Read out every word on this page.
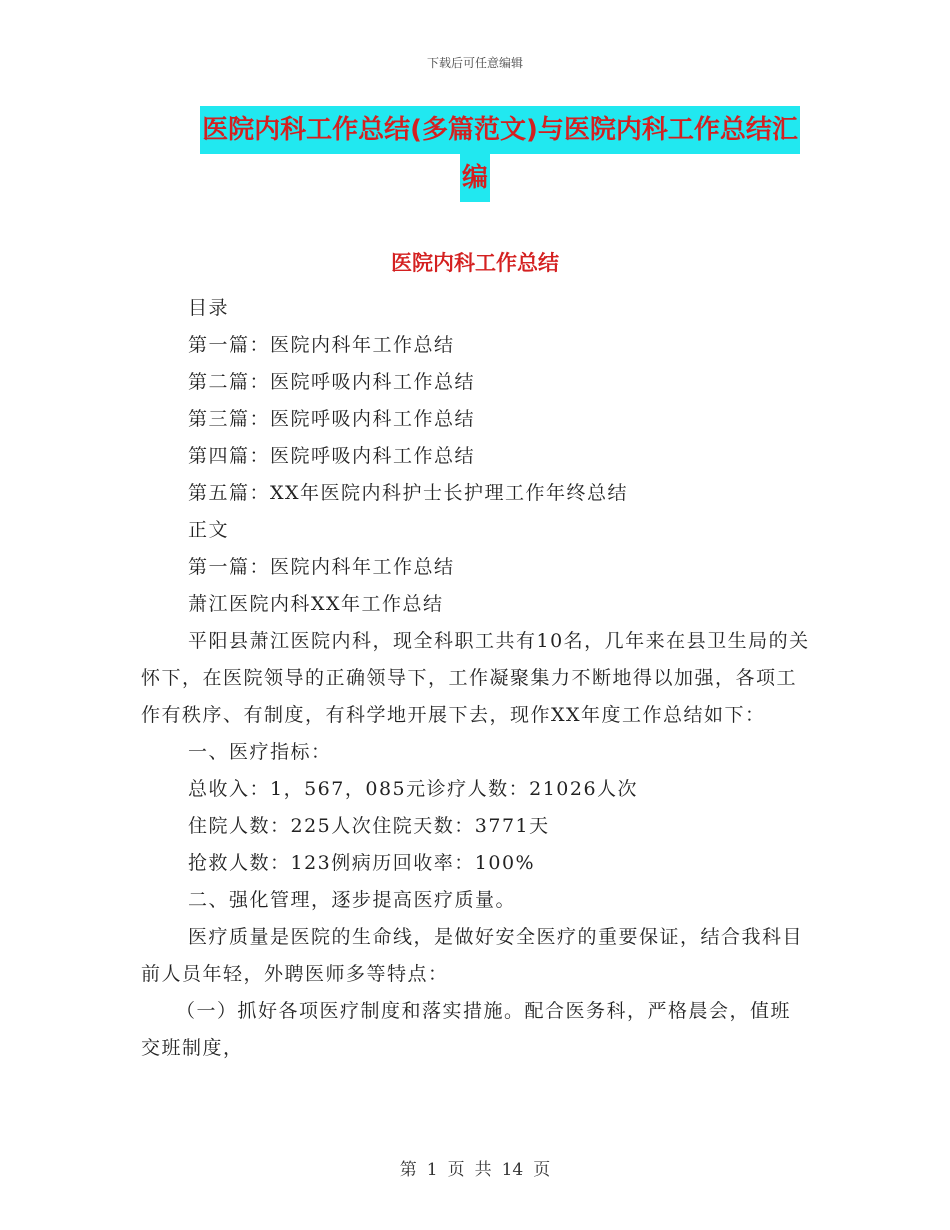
下载后可任意编辑
医院内科工作总结(多篇范文)与医院内科工作总结汇
编
医院内科工作总结

目录

第一篇：医院内科年工作总结

第二篇：医院呼吸内科工作总结

第三篇：医院呼吸内科工作总结

第四篇：医院呼吸内科工作总结

第五篇：XX年医院内科护士长护理工作年终总结

正文

第一篇：医院内科年工作总结

萧江医院内科XX年工作总结

平阳县萧江医院内科，现全科职工共有10名，几年来在县卫生局的关怀下，在医院领导的正确领导下，工作凝聚集力不断地得以加强，各项工作有秩序、有制度，有科学地开展下去，现作XX年度工作总结如下：

一、医疗指标：

总收入：1，567，085元诊疗人数：21026人次

住院人数：225人次住院天数：3771天

抢救人数：123例病历回收率：100%

二、强化管理，逐步提高医疗质量。

医疗质量是医院的生命线，是做好安全医疗的重要保证，结合我科目前人员年轻，外聘医师多等特点：

（一）抓好各项医疗制度和落实措施。配合医务科，严格晨会，值班交班制度，

第 1 页 共 14 页
